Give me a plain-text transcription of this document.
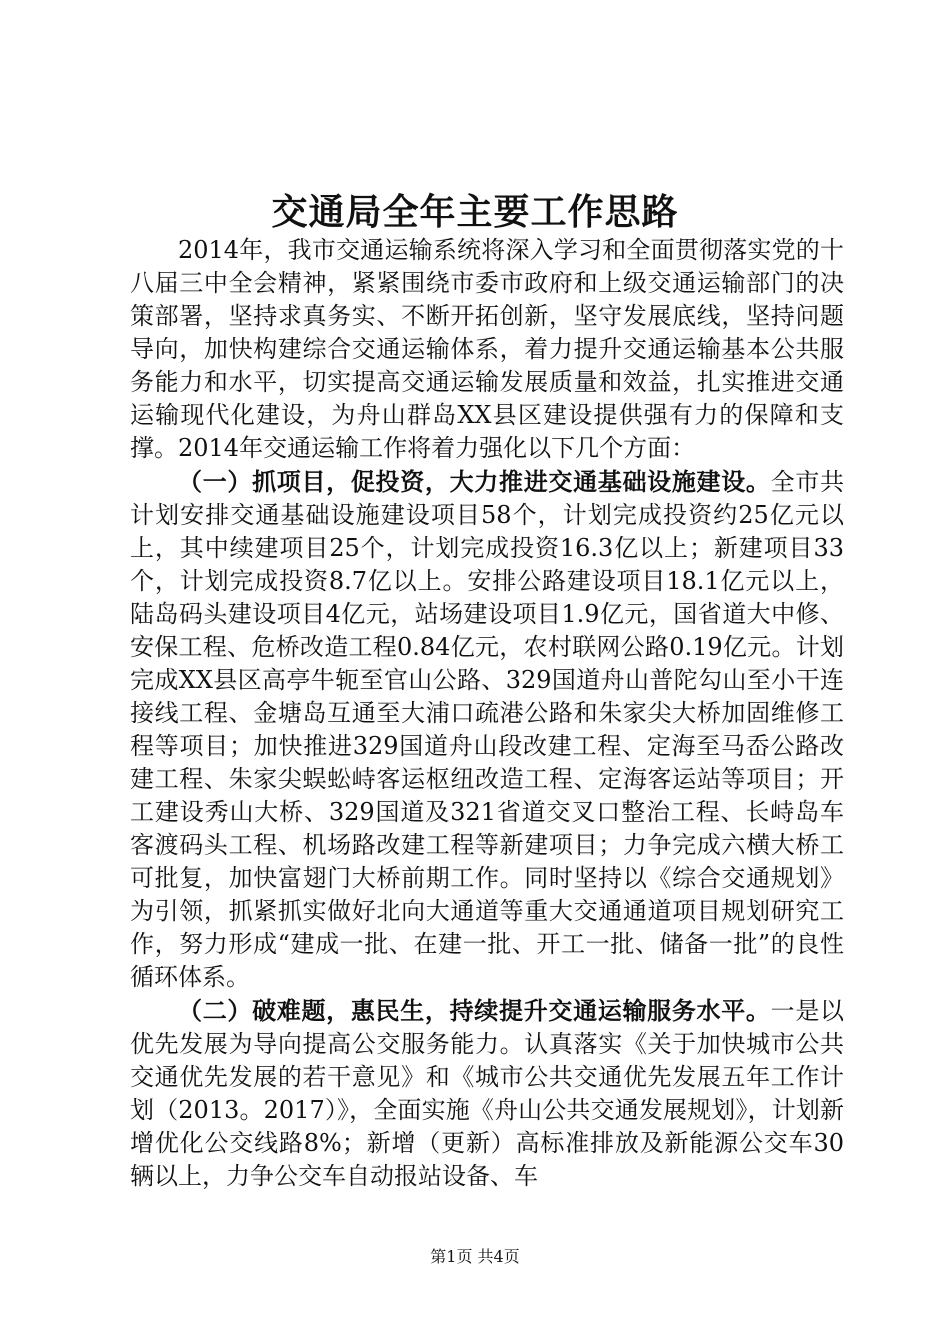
交通局全年主要工作思路

2014年，我市交通运输系统将深入学习和全面贯彻落实党的十八届三中全会精神，紧紧围绕市委市政府和上级交通运输部门的决策部署，坚持求真务实、不断开拓创新，坚守发展底线，坚持问题导向，加快构建综合交通运输体系，着力提升交通运输基本公共服务能力和水平，切实提高交通运输发展质量和效益，扎实推进交通运输现代化建设，为舟山群岛XX县区建设提供强有力的保障和支撑。2014年交通运输工作将着力强化以下几个方面：

（一）抓项目，促投资，大力推进交通基础设施建设。全市共计划安排交通基础设施建设项目58个，计划完成投资约25亿元以上，其中续建项目25个，计划完成投资16.3亿以上；新建项目33个，计划完成投资8.7亿以上。安排公路建设项目18.1亿元以上，陆岛码头建设项目4亿元，站场建设项目1.9亿元，国省道大中修、安保工程、危桥改造工程0.84亿元，农村联网公路0.19亿元。计划完成XX县区高亭牛轭至官山公路、329国道舟山普陀勾山至小干连接线工程、金塘岛互通至大浦口疏港公路和朱家尖大桥加固维修工程等项目；加快推进329国道舟山段改建工程、定海至马岙公路改建工程、朱家尖蜈蚣峙客运枢纽改造工程、定海客运站等项目；开工建设秀山大桥、329国道及321省道交叉口整治工程、长峙岛车客渡码头工程、机场路改建工程等新建项目；力争完成六横大桥工可批复，加快富翅门大桥前期工作。同时坚持以《综合交通规划》为引领，抓紧抓实做好北向大通道等重大交通通道项目规划研究工作，努力形成“建成一批、在建一批、开工一批、储备一批”的良性循环体系。

（二）破难题，惠民生，持续提升交通运输服务水平。一是以优先发展为导向提高公交服务能力。认真落实《关于加快城市公共交通优先发展的若干意见》和《城市公共交通优先发展五年工作计划（2013。2017）》，全面实施《舟山公共交通发展规划》，计划新增优化公交线路8%；新增（更新）高标准排放及新能源公交车30辆以上，力争公交车自动报站设备、车

第1页 共4页
